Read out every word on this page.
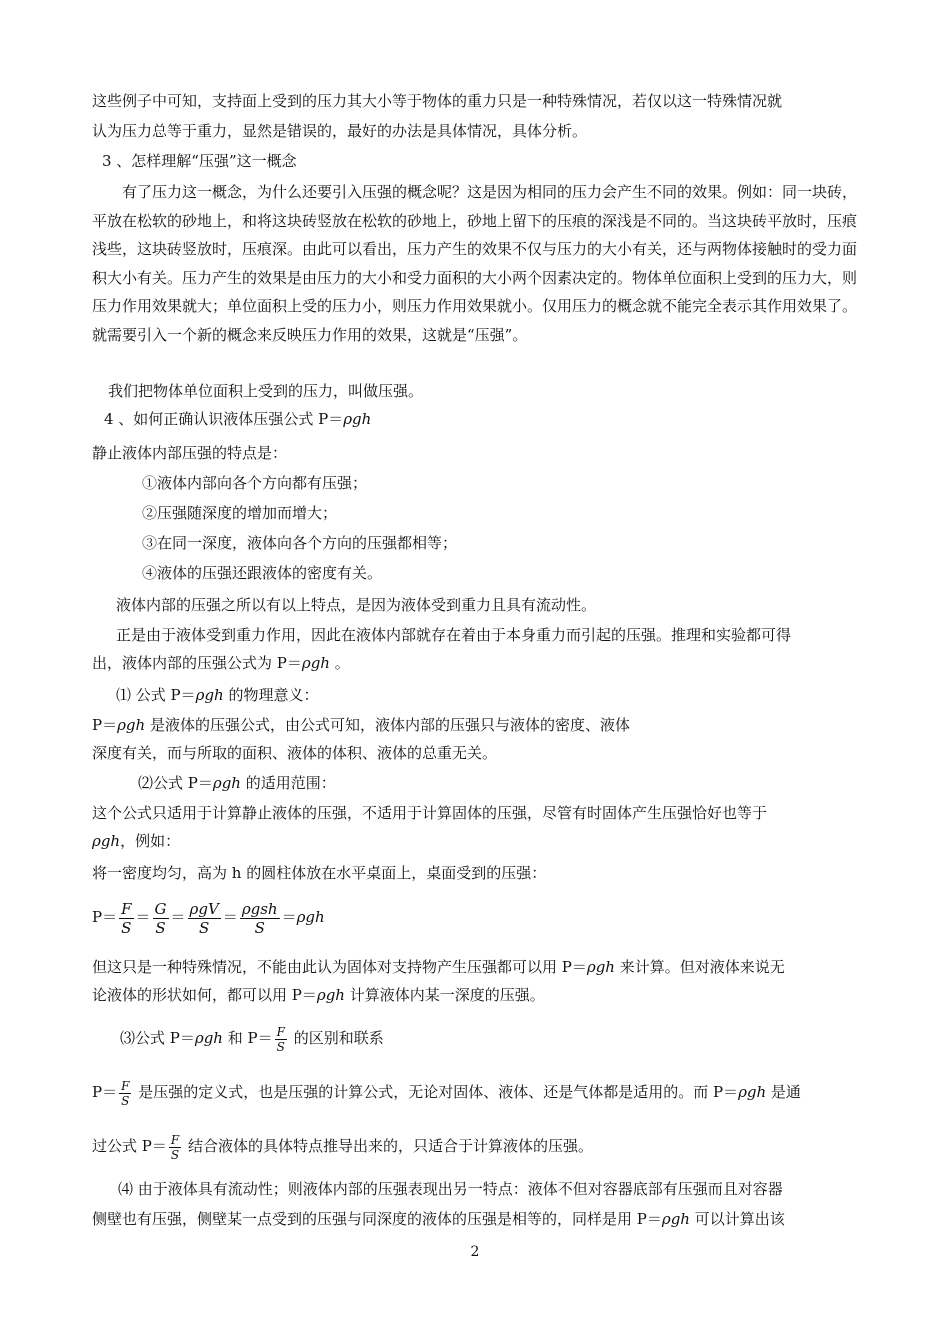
这些例子中可知，支持面上受到的压力其大小等于物体的重力只是一种特殊情况，若仅以这一特殊情况就
认为压力总等于重力，显然是错误的，最好的办法是具体情况，具体分析。
3 、怎样理解“压强”这一概念
有了压力这一概念，为什么还要引入压强的概念呢？这是因为相同的压力会产生不同的效果。例如：同一块砖，平放在松软的砂地上，和将这块砖竖放在松软的砂地上，砂地上留下的压痕的深浅是不同的。当这块砖平放时，压痕浅些，这块砖竖放时，压痕深。由此可以看出，压力产生的效果不仅与压力的大小有关，还与两物体接触时的受力面积大小有关。压力产生的效果是由压力的大小和受力面积的大小两个因素决定的。物体单位面积上受到的压力大，则压力作用效果就大；单位面积上受的压力小，则压力作用效果就小。仅用压力的概念就不能完全表示其作用效果了。就需要引入一个新的概念来反映压力作用的效果，这就是“压强”。
我们把物体单位面积上受到的压力，叫做压强。
4 、如何正确认识液体压强公式 P＝ρgh
静止液体内部压强的特点是：
①液体内部向各个方向都有压强；
②压强随深度的增加而增大；
③在同一深度，液体向各个方向的压强都相等；
④液体的压强还跟液体的密度有关。
液体内部的压强之所以有以上特点，是因为液体受到重力且具有流动性。
正是由于液体受到重力作用，因此在液体内部就存在着由于本身重力而引起的压强。推理和实验都可得
出，液体内部的压强公式为 P＝ρgh 。
⑴ 公式 P＝ρgh 的物理意义：
P＝ρgh 是液体的压强公式，由公式可知，液体内部的压强只与液体的密度、液体
深度有关，而与所取的面积、液体的体积、液体的总重无关。
⑵公式 P＝ρgh 的适用范围：
这个公式只适用于计算静止液体的压强，不适用于计算固体的压强，尽管有时固体产生压强恰好也等于
ρgh，例如：
将一密度均匀，高为 h 的圆柱体放在水平桌面上，桌面受到的压强：
$P= \frac{F}{S} = \frac{G}{S} = \frac{\text{ρgV}}{S} = \frac{\text{ρgsh}}{S} =\rho gh$
但这只是一种特殊情况，不能由此认为固体对支持物产生压强都可以用 P＝ρgh 来计算。但对液体来说无
论液体的形状如何，都可以用 P＝ρgh 计算液体内某一深度的压强。
⑶公式 P＝ρgh 和 $P= \frac{F}{S}$ 的区别和联系
$P= \frac{F}{S}$ 是压强的定义式，也是压强的计算公式，无论对固体、液体、还是气体都是适用的。而 P＝ρgh 是通
过公式 $P= \frac{F}{S}$ 结合液体的具体特点推导出来的，只适合于计算液体的压强。
⑷ 由于液体具有流动性；则液体内部的压强表现出另一特点：液体不但对容器底部有压强而且对容器
侧壁也有压强，侧壁某一点受到的压强与同深度的液体的压强是相等的，同样是用 P＝ρgh 可以计算出该
2
